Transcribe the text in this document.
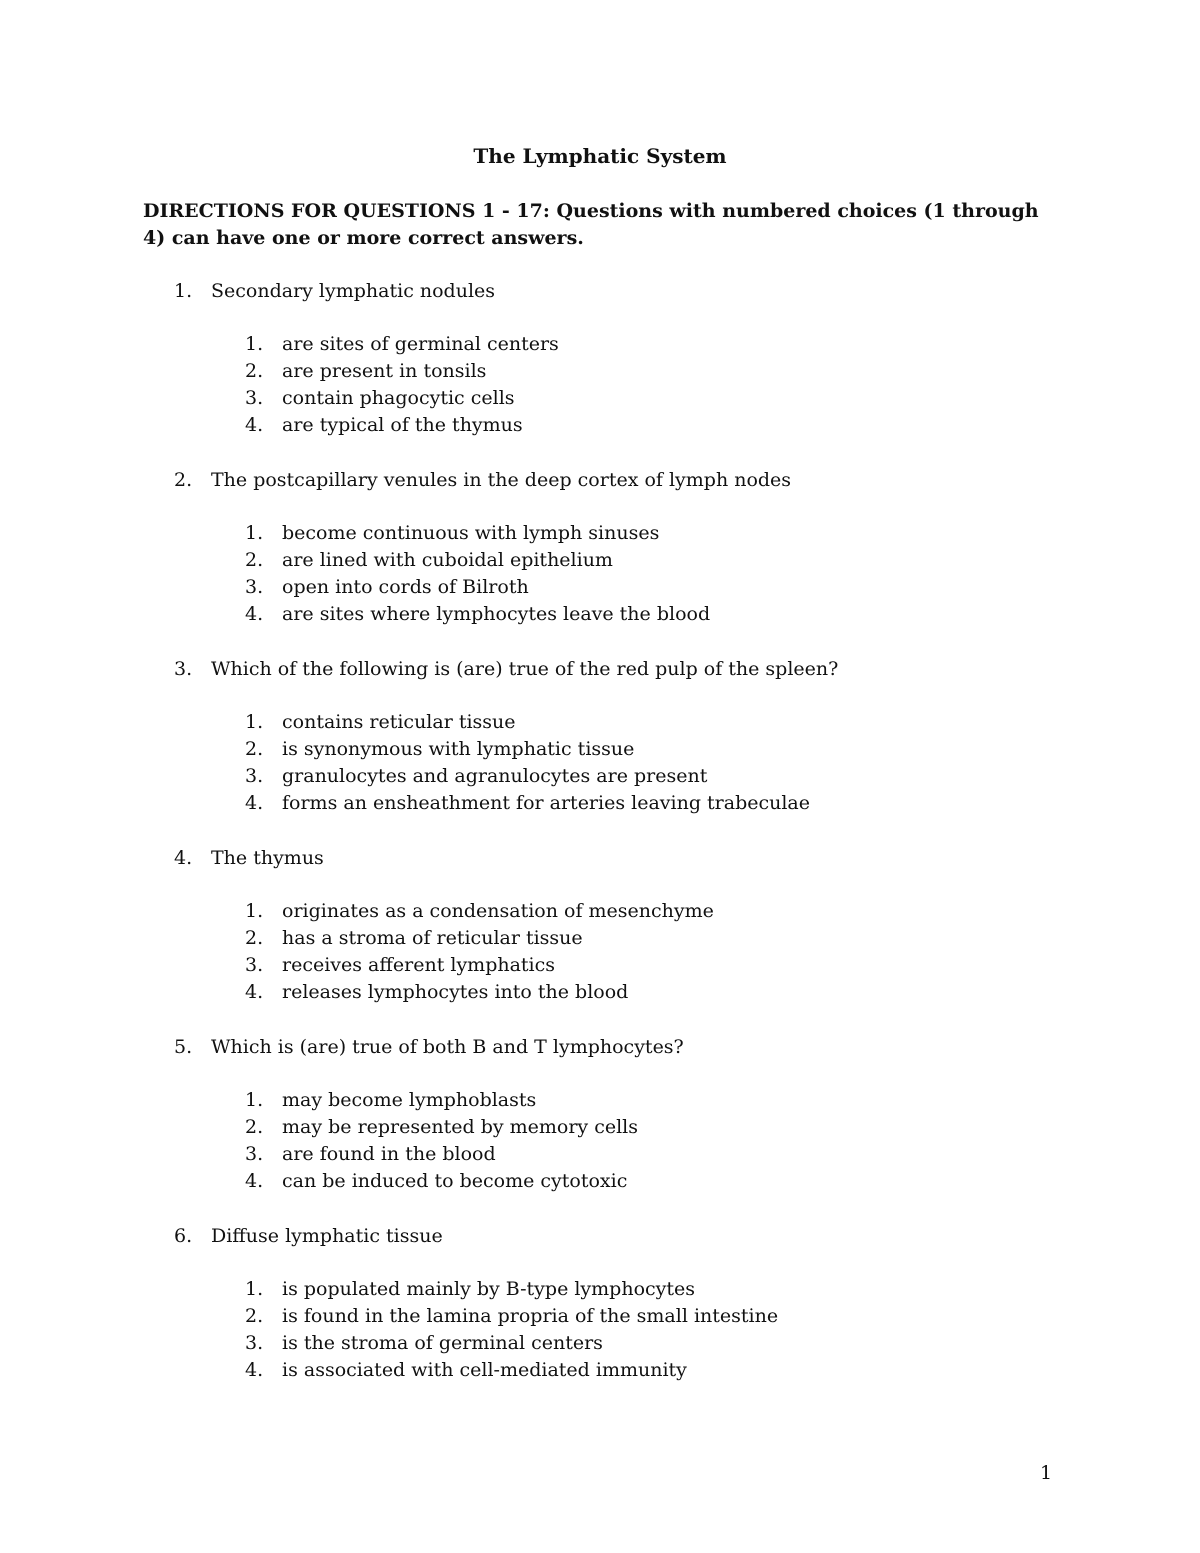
The Lymphatic System
DIRECTIONS FOR QUESTIONS 1 - 17: Questions with numbered choices (1 through 4) can have one or more correct answers.
1. Secondary lymphatic nodules
1. are sites of germinal centers
2. are present in tonsils
3. contain phagocytic cells
4. are typical of the thymus
2. The postcapillary venules in the deep cortex of lymph nodes
1. become continuous with lymph sinuses
2. are lined with cuboidal epithelium
3. open into cords of Bilroth
4. are sites where lymphocytes leave the blood
3. Which of the following is (are) true of the red pulp of the spleen?
1. contains reticular tissue
2. is synonymous with lymphatic tissue
3. granulocytes and agranulocytes are present
4. forms an ensheathment for arteries leaving trabeculae
4. The thymus
1. originates as a condensation of mesenchyme
2. has a stroma of reticular tissue
3. receives afferent lymphatics
4. releases lymphocytes into the blood
5. Which is (are) true of both B and T lymphocytes?
1. may become lymphoblasts
2. may be represented by memory cells
3. are found in the blood
4. can be induced to become cytotoxic
6. Diffuse lymphatic tissue
1. is populated mainly by B-type lymphocytes
2. is found in the lamina propria of the small intestine
3. is the stroma of germinal centers
4. is associated with cell-mediated immunity
1
